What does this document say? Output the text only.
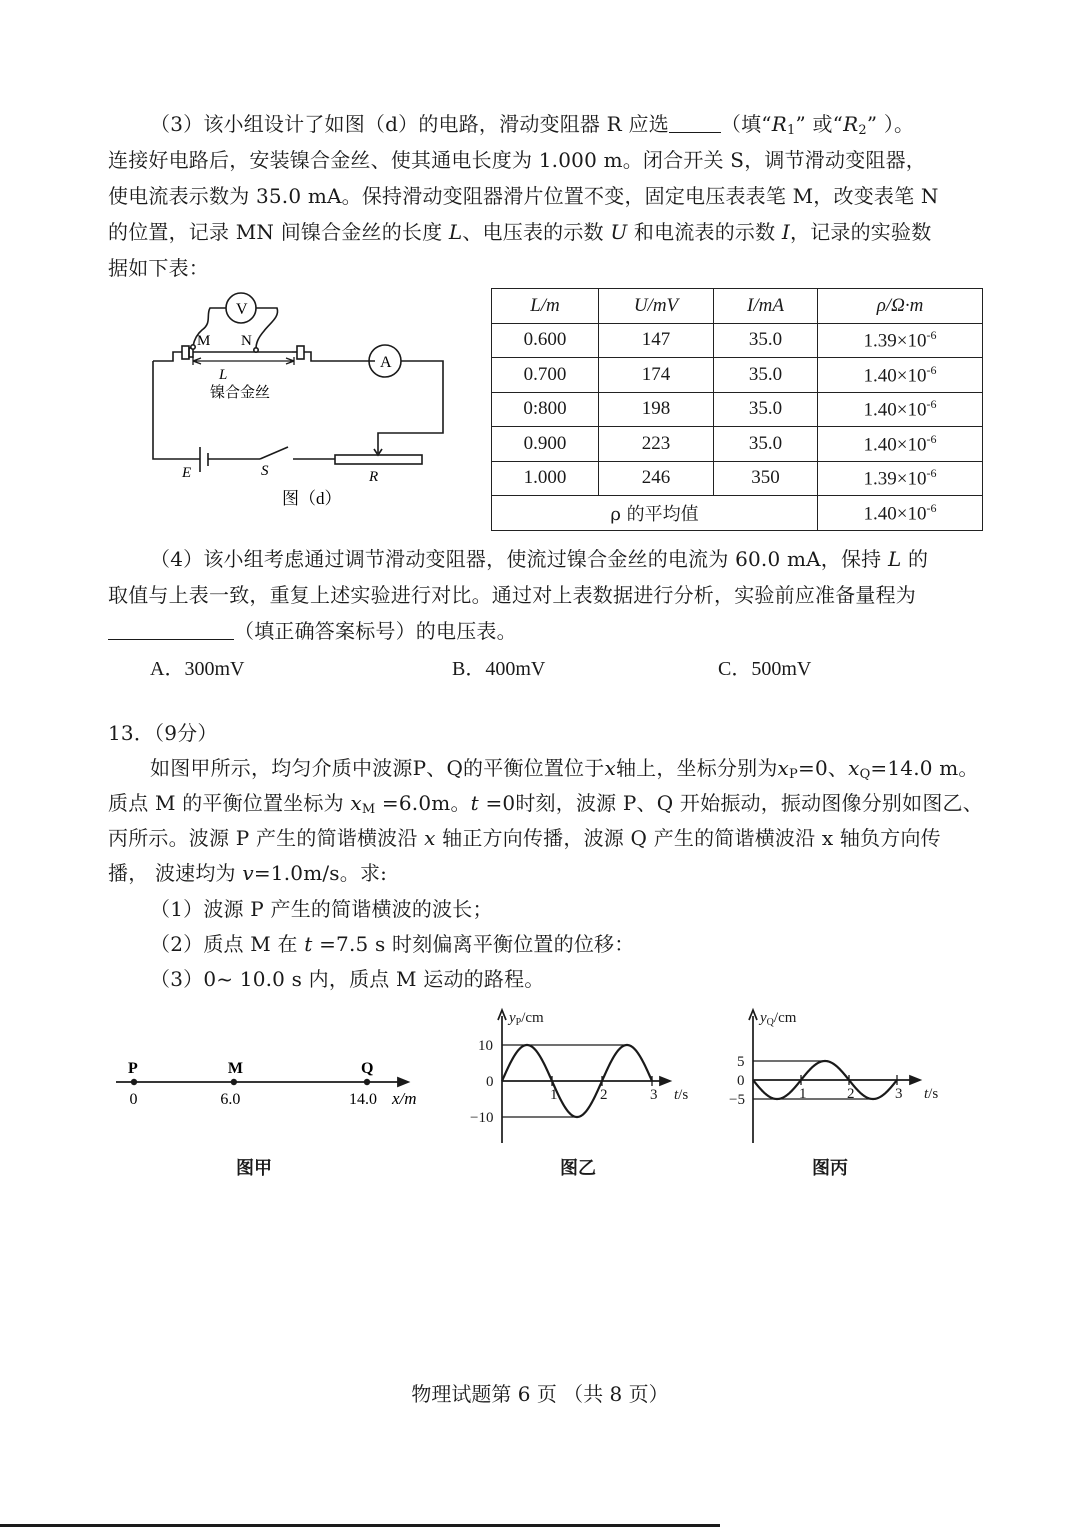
（3）该小组设计了如图（d）的电路，滑动变阻器 R 应选	（填“$R_1$” 或“$R_2$” ）。
连接好电路后，安装镍合金丝、使其通电长度为 1.000 m。闭合开关 S，调节滑动变阻器，
使电流表示数为 35.0 mA。保持滑动变阻器滑片位置不变，固定电压表表笔 M，改变表笔 N
的位置，记录 MN 间镍合金丝的长度 L、电压表的示数 U 和电流表的示数 I，记录的实验数
据如下表：
V
A
M N
L
镍合金丝
E	S	R
图（d）
L/m	U/mV	I/mA	ρ/Ω·m
0.600	147	35.0	$1.39\times 10^{-6}$
0.700	174	35.0	$1.40\times 10^{-6}$
0:800	198	35.0	$1.40\times 10^{-6}$
0.900	223	35.0	$1.40\times 10^{-6}$
1.000	246	350	$1.39\times 10^{-6}$
ρ 的平均值			$1.40\times 10^{-6}$
（4）该小组考虑通过调节滑动变阻器，使流过镍合金丝的电流为 60.0 mA，保持 L 的
取值与上表一致，重复上述实验进行对比。通过对上表数据进行分析，实验前应准备量程为
（填正确答案标号）的电压表。
A．300mV	B．400mV	C．500mV
13．（9分）
如图甲所示，均匀介质中波源P、Q的平衡位置位于x轴上，坐标分别为$x_P=0$、$x_Q=14.0$ m。
质点 M 的平衡位置坐标为 $x_M =6.0m$。t =0时刻，波源 P、Q 开始振动，振动图像分别如图乙、
丙所示。波源 P 产生的简谐横波沿 x 轴正方向传播，波源 Q 产生的简谐横波沿 x 轴负方向传
播， 波速均为 v=1.0m/s。求:
（1）波源 P 产生的简谐横波的波长；
（2）质点 M 在 t =7.5 s 时刻偏离平衡位置的位移：
（3）0~ 10.0 s 内，质点 M 运动的路程。
P
0
M
6.0
Q
14.0 x/m
图甲
1	2	3
10
0
−10
$y_P/cm$
t/s
图乙
1	2	3
5
0
−5
$y_Q/cm$
t/s
图丙
物理试题第 6 页 （共 8 页）
